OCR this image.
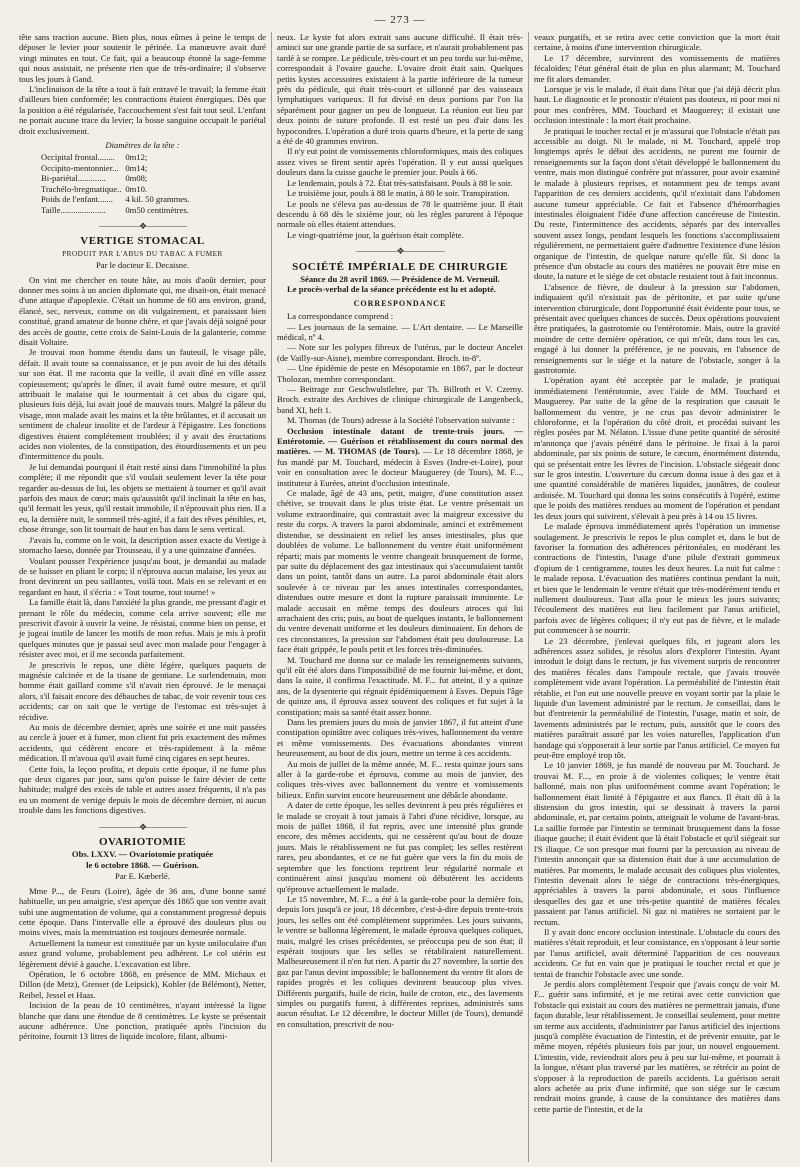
— 273 —

tête sans traction aucune. Bien plus, nous eûmes à peine le temps de déposer le levier pour soutenir le périnée. La manœuvre avait duré vingt minutes en tout. Ce fait, qui a beaucoup étonné la sage-femme qui nous assistait, ne présente rien que de très-ordinaire; il s'observe tous les jours à Gand.

L'inclinaison de la tête a tout à fait entravé le travail; la femme était d'ailleurs bien conformée; les contractions étaient énergiques. Dès que la position a été régularisée, l'accouchement s'est fait tout seul. L'enfant ne portait aucune trace du levier; la bosse sanguine occupait le pariétal droit exclusivement.

Diamètres de la tête :
Occipital frontal........	0m12;
Occipito-mentonnier...	0m14;
Bi-pariétal.............	0m08;
Trachélo-bregmatique..	0m10.
Poids de l'enfant.......	4 kil. 50 grammes.
Taille.....................	0m50 centimètres.
—————❖—————
VERTIGE STOMACAL
PRODUIT PAR L'ABUS DU TABAC A FUMER
Par le docteur E. Decaisne.

On vint me chercher en toute hâte, au mois d'août dernier, pour donner mes soins à un ancien diplomate qui, me disait-on, était menacé d'une attaque d'apoplexie. C'était un homme de 60 ans environ, grand, élancé, sec, nerveux, comme on dit vulgairement, et paraissant bien constitué, grand amateur de bonne chère, et que j'avais déjà soigné pour des accès de goutte, cette croix de Saint-Louis de la galanterie, comme disait Voltaire.

Je trouvai mon homme étendu dans un fauteuil, le visage pâle, défait. Il avait toute sa connaissance, et je pus avoir de lui des détails sur son état. Il me raconta que la veille, il avait dîné en ville assez copieusement; qu'après le dîner, il avait fumé outre mesure, et qu'il attribuait le malaise qui le tourmentait à cet abus du cigare qui, plusieurs fois déjà, lui avait joué de mauvais tours. Malgré la pâleur du visage, mon malade avait les mains et la tête brûlantes, et il accusait un sentiment de chaleur insolite et de l'ardeur à l'épigastre. Les fonctions digestives étaient complétement troublées; il y avait des éructations acides non violentes, de la constipation, des étourdissements et un peu d'intermittence du pouls.

Je lui demandai pourquoi il était resté ainsi dans l'immobilité la plus complète; il me répondit que s'il voulait seulement lever la tête pour regarder au-dessus de lui, les objets se mettaient à tourner et qu'il avait parfois des maux de cœur; mais qu'aussitôt qu'il inclinait la tête en bas, qu'il fermait les yeux, qu'il restait immobile, il n'éprouvait plus rien. Il a eu, la dernière nuit, le sommeil très-agité, il a fait des rêves pénibles, et, chose étrange, son lit tournait de haut en bas dans le sens vertical.

J'avais lu, comme on le voit, la description assez exacte du Vertige à stomacho laeso, donnée par Trousseau, il y a une quinzaine d'années.

Voulant pousser l'expérience jusqu'au bout, je demandai au malade de se baisser en pliant le corps; il n'éprouva aucun malaise, les yeux au front devinrent un peu saillantes, voilà tout. Mais en se relevant et en regardant en haut, il s'écria : « Tout tourne, tout tourne! »

La famille était là, dans l'anxiété la plus grande, me pressant d'agir et prenant le rôle du médecin, comme cela arrive souvent; elle me prescrivit d'avoir à ouvrir la veine. Je résistai, comme bien on pense, et je jugeai inutile de lancer les motifs de mon refus. Mais je mis à profit quelques minutes que je passai seul avec mon malade pour l'engager à résister avec moi, et il me seconda parfaitement.

Je prescrivis le repos, une diète légère, quelques paquets de magnésie calcinée et de la tisane de gentiane. Le surlendemain, mon homme était gaillard comme s'il n'avait rien éprouvé. Je le menaçai alors, s'il faisait encore des débauches de tabac, de voir revenir tous ces accidents; car on sait que le vertige de l'estomac est très-sujet à récidive.

Au mois de décembre dernier, après une soirée et une nuit passées au cercle à jouer et à fumer, mon client fut pris exactement des mêmes accidents, qui cédèrent encore et très-rapidement à la même médication. Il m'avoua qu'il avait fumé cinq cigares en sept heures.

Cette fois, la leçon profita, et depuis cette époque, il ne fume plus que deux cigares par jour, sans qu'on puisse le faire dévier de cette habitude; malgré des excès de table et autres assez fréquents, il n'a pas eu un moment de vertige depuis le mois de décembre dernier, ni aucun trouble dans les fonctions digestives.

—————❖—————
OVARIOTOMIE
Obs. LXXV. — Ovariotomie pratiquée
le 6 octobre 1868. — Guérison.
Par E. Kœberlé.

Mme P..., de Feurs (Loire), âgée de 36 ans, d'une bonne santé habituelle, un peu amaigrie, s'est aperçue dès 1865 que son ventre avait subi une augmentation de volume, qui a constamment progressé depuis cette époque. Dans l'intervalle elle a éprouvé des douleurs plus ou moins vives, mais la menstruation est toujours demeurée normale.

Actuellement la tumeur est constituée par un kyste uniloculaire d'un assez grand volume, probablement peu adhérent. Le col utérin est légèrement dévié à gauche. L'excavation est libre.

Opération, le 6 octobre 1868, en présence de MM. Michaux et Dillon (de Metz), Grenser (de Leipsick), Kohler (de Bélémont), Netter, Reibel, Jessel et Haas.

Incision de la peau de 10 centimètres, n'ayant intéressé la ligne blanche que dans une étendue de 8 centimètres. Le kyste se présentait aucune adhérence. Une ponction, pratiquée après l'incision du péritoine, fournit 13 litres de liquide incolore, filant, albumi-

neux. Le kyste fut alors extrait sans aucune difficulté. Il était très-aminci sur une grande partie de sa surface, et n'aurait probablement pas tardé à se rompre. Le pédicule, très-court et un peu tordu sur lui-même, correspondait à l'ovaire gauche. L'ovaire droit était sain. Quelques petits kystes accessoires existaient à la partie inférieure de la tumeur près du pédicule, qui était très-court et sillonné par des vaisseaux lymphatiques variqueux. Il fut divisé en deux portions par l'on lia séparément pour gagner un peu de longueur. La réunion eut lieu par deux points de suture profonde. Il est resté un peu d'air dans les hypocondres. L'opération a duré trois quarts d'heure, et la perte de sang a été de 40 grammes environ.

Il n'y eut point de vomissements chloroformiques, mais des coliques assez vives se firent sentir après l'opération. Il y eut aussi quelques douleurs dans la cuisse gauche le premier jour. Pouls à 66.

Le lendemain, pouls à 72. État très-satisfaisant. Pouls à 88 le soir.

Le troisième jour, pouls à 88 le matin, à 80 le soir. Transpiration.

Le pouls ne s'éleva pas au-dessus de 78 le quatrième jour. Il était descendu à 68 dès le sixième jour, où les règles parurent à l'époque normale où elles étaient attendues.

Le vingt-quatrième jour, la guérison était complète.

—————❖—————
SOCIÉTÉ IMPÉRIALE DE CHIRURGIE
Séance du 28 avril 1869. — Présidence de M. Verneuil.

Le procès-verbal de la séance précédente est lu et adopté.

CORRESPONDANCE

La correspondance comprend :

— Les journaux de la semaine. — L'Art dentaire. — Le Marseille médical, nº 4.

— Note sur les polypes fibreux de l'utérus, par le docteur Ancelet (de Vailly-sur-Aisne), membre correspondant. Broch. in-8º.

— Une épidémie de peste en Mésopotamie en 1867, par le docteur Tholozan, membre correspondant.

— Beitrage zur Geschwulstlehre, par Th. Billroth et V. Czerny. Broch. extraite des Archives de clinique chirurgicale de Langenbeck, band XI, heft 1.

M. Thomas (de Tours) adresse à la Société l'observation suivante :

Occlusion intestinale datant de trente-trois jours. — Entérotomie. — Guérison et rétablissement du cours normal des matières. — M. THOMAS (de Tours). — Le 18 décembre 1868, je fus mandé par M. Touchard, médecin à Esves (Indre-et-Loire), pour voir en consultation avec le docteur Mauguerey (de Tours), M. F..., instituteur à Eurées, atteint d'occlusion intestinale.

Ce malade, âgé de 43 ans, petit, maigre, d'une constitution assez chétive, se trouvait dans le plus triste état. Le ventre présentait un volume extraordinaire, qui contrastait avec la maigreur excessive du reste du corps. A travers la paroi abdominale, aminci et extrêmement distendue, se dessinaient en relief les anses intestinales, plus que doublées de volume. Le ballonnement du ventre était uniformément réparti; mais par moments le ventre changeait brusquement de forme, par suite du déplacement des gaz intestinaux qui s'accumulaient tantôt dans un point, tantôt dans un autre. La paroi abdominale était alors soulevée à ce niveau par les anses intestinales correspondantes, distendues outre mesure et dont la rupture paraissait imminente. Le malade accusait en même temps des douleurs atroces qui lui arrachaient des cris; puis, au bout de quelques instants, le ballonnement du ventre devenait uniforme et les douleurs diminuaient. En dehors de ces circonstances, la pression sur l'abdomen était peu douloureuse. La face était grippée, le pouls petit et les forces très-diminuées.

M. Touchard me donna sur ce malade les renseignements suivants, qu'il eût été alors dans l'impossibilité de me fournir lui-même, et dont, dans la suite, il confirma l'exactitude. M. F... fut atteint, il y a quinze ans, de la dysenterie qui régnait épidémiquement à Esves. Depuis l'âge de quinze ans, il éprouva assez souvent des coliques et fut sujet à la constipation; mais sa santé était assez bonne.

Dans les premiers jours du mois de janvier 1867, il fut atteint d'une constipation opiniâtre avec coliques très-vives, ballonnement du ventre et même vomissements. Des évacuations abondantes vinrent heureusement, au bout de dix jours, mettre un terme à ces accidents.

Au mois de juillet de la même année, M. F... resta quinze jours sans aller à la garde-robe et éprouva, comme au mois de janvier, des coliques très-vives avec ballonnement du ventre et vomissements bilieux. Enfin survint encore heureusement une débâcle abondante.

A dater de cette époque, les selles devinrent à peu près régulières et le malade se croyait à tout jamais à l'abri d'une récidive, lorsque, au mois de juillet 1868, il fut repris, avec une intensité plus grande encore, des mêmes accidents, qui ne cessèrent qu'au bout de douze jours. Mais le rétablissement ne fut pas complet; les selles restèrent rares, peu abondantes, et ce ne fut guère que vers la fin du mois de septembre que les fonctions reprirent leur régularité normale et continuèrent ainsi jusqu'au moment où débutèrent les accidents qu'éprouve actuellement le malade.

Le 15 novembre, M. F... a été à la garde-robe pour la dernière fois, depuis lors jusqu'à ce jour, 18 décembre, c'est-à-dire depuis trente-trois jours, les selles ont été complétement supprimées. Les jours suivants, le ventre se ballonna légèrement, le malade éprouva quelques coliques, mais, malgré les crises précédentes, se préoccupa peu de son état; il espérait toujours que les selles se rétabliraient naturellement. Malheureusement il n'en fut rien. A partir du 27 novembre, la sortie des gaz par l'anus devint impossible; le ballonnement du ventre fit alors de rapides progrès et les coliques devinrent beaucoup plus vives. Différents purgatifs, huile de ricin, huile de croton, etc., des lavements simples ou purgatifs furent, à différentes reprises, administrés sans aucun résultat. Le 12 décembre, le docteur Millet (de Tours), demandé en consultation, prescrivit de nou-

veaux purgatifs, et se retira avec cette conviction que la mort était certaine, à moins d'une intervention chirurgicale.

Le 17 décembre, survinrent des vomissements de matières fécaloïdes; l'état général était de plus en plus alarmant; M. Touchard me fit alors demander.

Lorsque je vis le malade, il était dans l'état que j'ai déjà décrit plus haut. Le diagnostic et le pronostic n'étaient pas douteux, ni pour moi ni pour mes confrères, MM. Touchard et Mauguerey; il existait une occlusion intestinale : la mort était prochaine.

Je pratiquai le toucher rectal et je m'assurai que l'obstacle n'était pas accessible au doigt. Ni le malade, ni M. Touchard, appelé trop longtemps après le début des accidents, ne purent me fournir de renseignements sur la façon dont s'était développé le ballonnement du ventre, mais mon distingué confrère put m'assurer, pour avoir examiné le malade à plusieurs reprises, et notamment peu de temps avant l'apparition de ces derniers accidents, qu'il n'existait dans l'abdomen aucune tumeur appréciable. Ce fait et l'absence d'hémorrhagies intestinales éloignaient l'idée d'une affection cancéreuse de l'intestin. Du reste, l'intermittence des accidents, séparés par des intervalles souvent assez longs, pendant lesquels les fonctions s'accomplissaient régulièrement, ne permettaient guère d'admettre l'existence d'une lésion organique de l'intestin, de quelque nature qu'elle fût. Si donc la présence d'un obstacle au cours des matières ne pouvait être mise en doute, la nature et le siége de cet obstacle restaient tout à fait inconnus.

L'absence de fièvre, de douleur à la pression sur l'abdomen, indiquaient qu'il n'existait pas de péritonite, et par suite qu'une intervention chirurgicale, dont l'opportunité était évidente pour tous, se présentait avec quelques chances de succès. Deux opérations pouvaient être pratiquées, la gastrotomie ou l'entérotomie. Mais, outre la gravité moindre de cette dernière opération, ce qui m'eût, dans tous les cas, engagé à lui donner la préférence, je ne pouvais, en l'absence de renseignements sur le siége et la nature de l'obstacle, songer à la gastrotomie.

L'opération ayant été acceptée par le malade, je pratiquai immédiatement l'entérotomie, avec l'aide de MM. Touchard et Mauguerey. Par suite de la gêne de la respiration que causait le ballonnement du ventre, je ne crus pas devoir administrer le chloroforme, et la l'opération du côté droit, et procédai suivant les règles posées par M. Nélaton. L'issue d'une petite quantité de sérosité m'annonça que j'avais pénétré dans le péritoine. Je fixai à la paroi abdominale, par six points de suture, le cæcum, énormément distendu, qui se présentait entre les lèvres de l'incision. L'obstacle siégeait donc sur le gros intestin. L'ouverture du cæcum donna issue à des gaz et à une quantité considérable de matières liquides, jaunâtres, de couleur ardoisée. M. Touchard qui donna les soins consécutifs à l'opéré, estime que le poids des matières rendues au moment de l'opération et pendant les deux jours qui suivirent, s'élevait à peu près à 14 ou 15 livres.

Le malade éprouva immédiatement après l'opération un immense soulagement. Je prescrivis le repos le plus complet et, dans le but de favoriser la formation des adhérences péritonéales, en modérant les contractions de l'intestin, l'usage d'une pilule d'extrait gommeux d'opium de 1 centigramme, toutes les deux heures. La nuit fut calme : le malade reposa. L'évacuation des matières continua pendant la nuit, et bien que le lendemain le ventre n'était que très-modérément tendu et nullement douloureux. Tout alla pour le mieux les jours suivants; l'écoulement des matières eut lieu facilement par l'anus artificiel, parfois avec de légères coliques; il n'y eut pas de fièvre, et le malade put commencer à se nourrir.

Le 23 décembre, j'enlevai quelques fils, et jugeant alors les adhérences assez solides, je résolus alors d'explorer l'intestin. Ayant introduit le doigt dans le rectum, je fus vivement surpris de rencontrer des matières fécales dans l'ampoule rectale, que j'avais trouvée complètement vide avant l'opération. La perméabilité de l'intestin était rétablie, et l'on eut une nouvelle preuve en voyant sortir par la plaie le liquide d'un lavement administré par le rectum. Je conseillai, dans le but d'entretenir la perméabilité de l'intestin, l'usage, matin et soir, de lavements administrés par le rectum, puis, aussitôt que le cours des matières paraîtrait assuré par les voies naturelles, l'application d'un bandage qui s'opposerait à leur sortie par l'anus artificiel. Ce moyen fut peut-être employé trop tôt.

Le 10 janvier 1869, je fus mandé de nouveau par M. Touchard. Je trouvai M. F..., en proie à de violentes coliques; le ventre était ballonné, mais non plus uniformément comme avant l'opération; le ballonnement était limité à l'épigastre et aux flancs. Il était dû à la distension du gros intestin, qui se dessinait à travers la paroi abdominale, et, par certains points, atteignait le volume de l'avant-bras. La saillie formée par l'intestin se terminait brusquement dans la fosse iliaque gauche; il était évident que là était l'obstacle et qu'il siégeait sur l'S iliaque. Ce son presque mat fourni par la percussion au niveau de l'intestin annonçait que sa distension était due à une accumulation de matières. Par moments, le malade accusait des coliques plus violentes, l'intestin devenait alors le siége de contractions très-énergiques, appréciables à travers la paroi abdominale, et sous l'influence desquelles des gaz et une très-petite quantité de matières fécales passaient par l'anus artificiel. Ni gaz ni matières ne sortaient par le rectum.

Il y avait donc encore occlusion intestinale. L'obstacle du cours des matières s'était reproduit, et leur consistance, en s'opposant à leur sortie par l'anus artificiel, avait déterminé l'apparition de ces nouveaux accidents. Ce fut en vain que je pratiquai le toucher rectal et que je tentai de franchir l'obstacle avec une sonde.

Je perdis alors complètement l'espoir que j'avais conçu de voir M. F... guérir sans infirmité, et je me retirai avec cette conviction que l'obstacle qui existait au cours des matières ne permettrait jamais, d'une façon durable, leur rétablissement. Je conseillai seulement, pour mettre un terme aux accidents, d'administrer par l'anus artificiel des injections jusqu'à complète évacuation de l'intestin, et de prévenir ensuite, par le même moyen, répétés plusieurs fois par jour, un nouvel engouement. L'intestin, vide, reviendrait alors peu à peu sur lui-même, et pourrait à la longue, n'étant plus traversé par les matières, se rétrécir au point de s'opposer à la reproduction de pareils accidents. La guérison serait alors achetée au prix d'une infirmité, que son siége sur le cæcum rendrait moins grande, à cause de la consistance des matières dans cette partie de l'intestin, et de la
